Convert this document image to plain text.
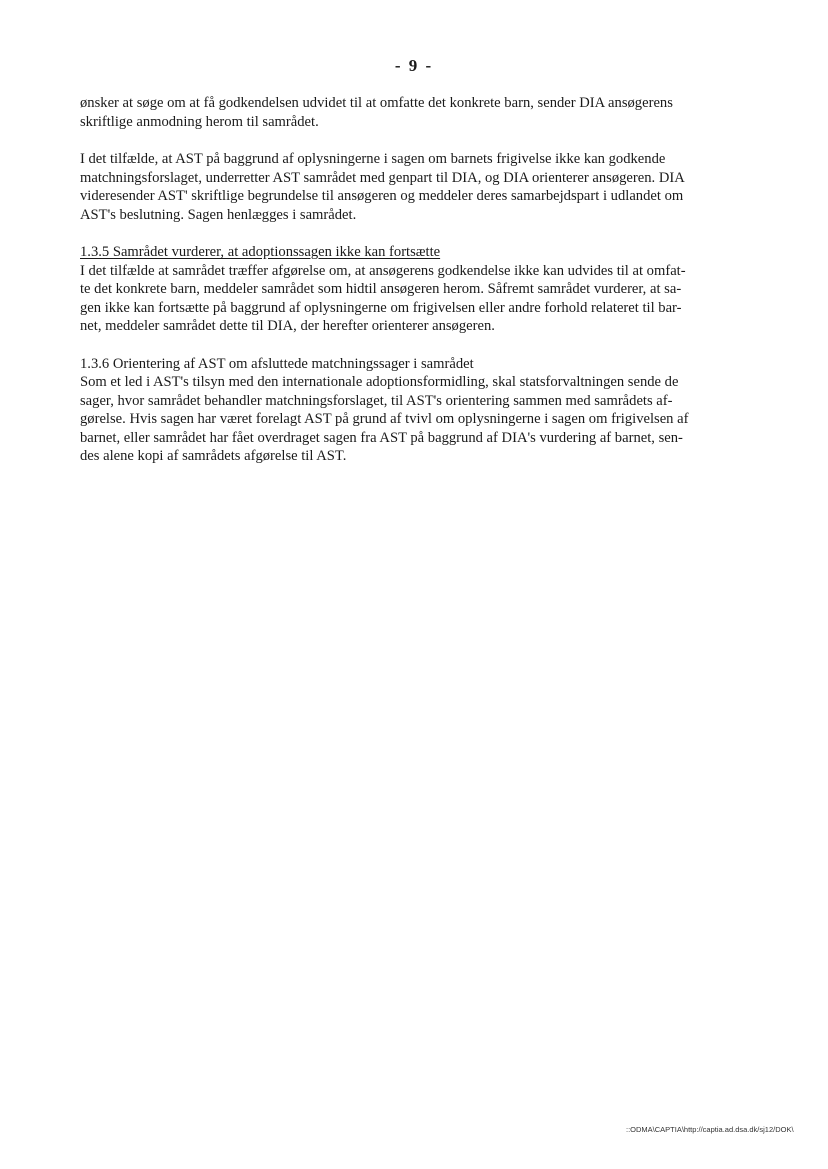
- 9 -
ønsker at søge om at få godkendelsen udvidet til at omfatte det konkrete barn, sender DIA ansøgerens
skriftlige anmodning herom til samrådet.
I det tilfælde, at AST på baggrund af oplysningerne i sagen om barnets frigivelse ikke kan godkende
matchningsforslaget, underretter AST samrådet med genpart til DIA, og DIA orienterer ansøgeren. DIA
videresender AST' skriftlige begrundelse til ansøgeren og meddeler deres samarbejdspart i udlandet om
AST's beslutning. Sagen henlægges i samrådet.
1.3.5 Samrådet vurderer, at adoptionssagen ikke kan fortsætte
I det tilfælde at samrådet træffer afgørelse om, at ansøgerens godkendelse ikke kan udvides til at omfat-
te det konkrete barn, meddeler samrådet som hidtil ansøgeren herom. Såfremt samrådet vurderer, at sa-
gen ikke kan fortsætte på baggrund af oplysningerne om frigivelsen eller andre forhold relateret til bar-
net, meddeler samrådet dette til DIA, der herefter orienterer ansøgeren.
1.3.6 Orientering af AST om afsluttede matchningssager i samrådet
Som et led i AST's tilsyn med den internationale adoptionsformidling, skal statsforvaltningen sende de
sager, hvor samrådet behandler matchningsforslaget, til AST's orientering sammen med samrådets af-
gørelse. Hvis sagen har været forelagt AST på grund af tvivl om oplysningerne i sagen om frigivelsen af
barnet, eller samrådet har fået overdraget sagen fra AST på baggrund af DIA's vurdering af barnet, sen-
des alene kopi af samrådets afgørelse til AST.
::ODMA\CAPTIA\http://captia.ad.dsa.dk/sj12/DOK\
